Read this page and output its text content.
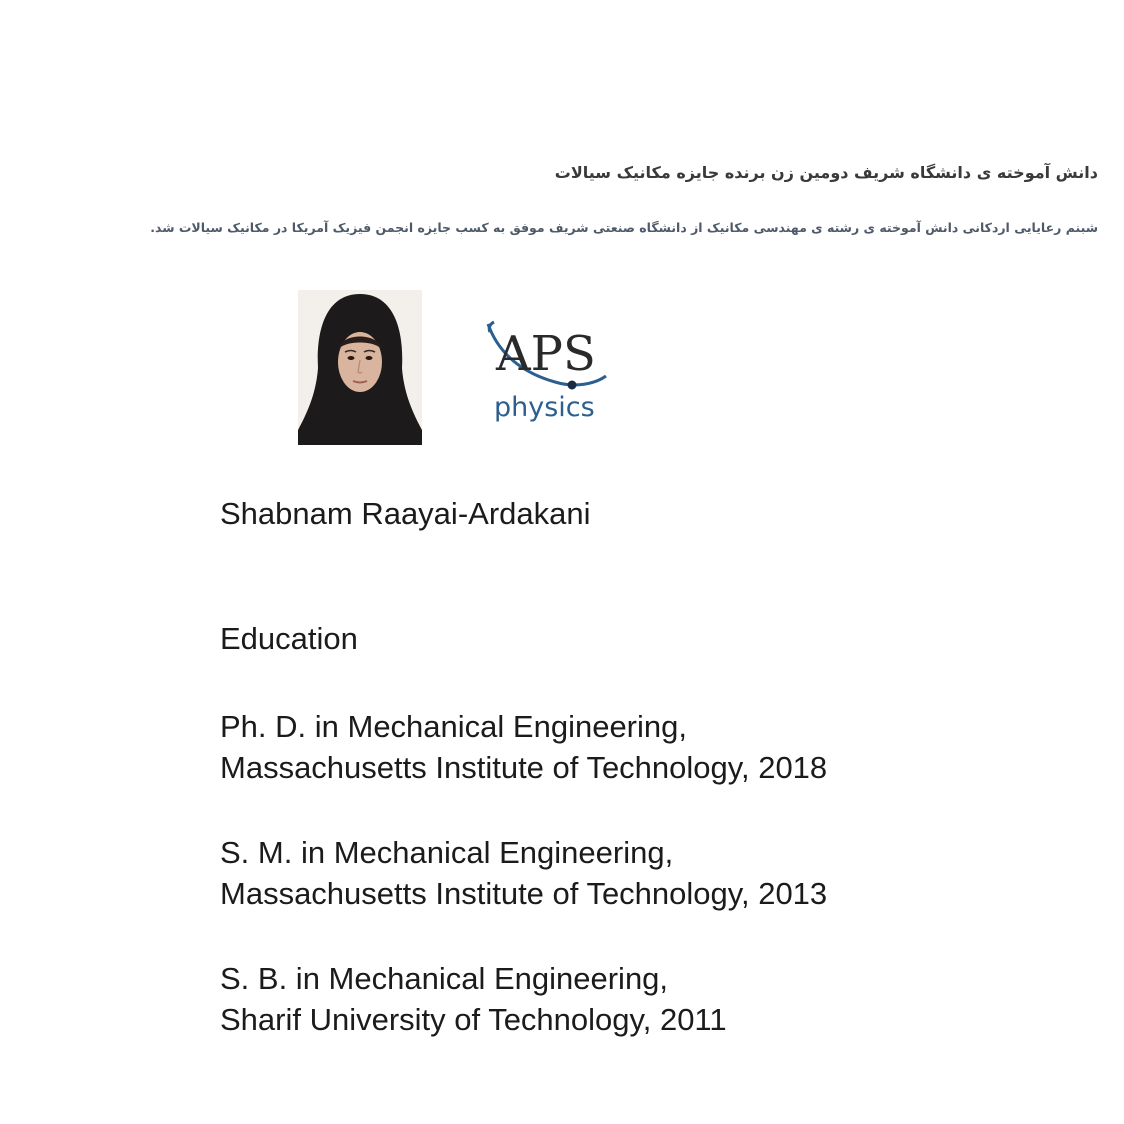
دانش آموخته ی دانشگاه شریف دومین زن برنده جایزه مکانیک سیالات
شبنم رعایایی اردکانی دانش آموخته ی رشته ی مهندسی مکانیک از دانشگاه صنعتی شریف موفق به کسب جایزه انجمن فیزیک آمریکا در مکانیک سیالات شد.
APS
physics
Shabnam Raayai-Ardakani
Education
Ph. D. in Mechanical Engineering,
Massachusetts Institute of Technology, 2018
S. M. in Mechanical Engineering,
Massachusetts Institute of Technology, 2013
S. B. in Mechanical Engineering,
Sharif University of Technology, 2011
